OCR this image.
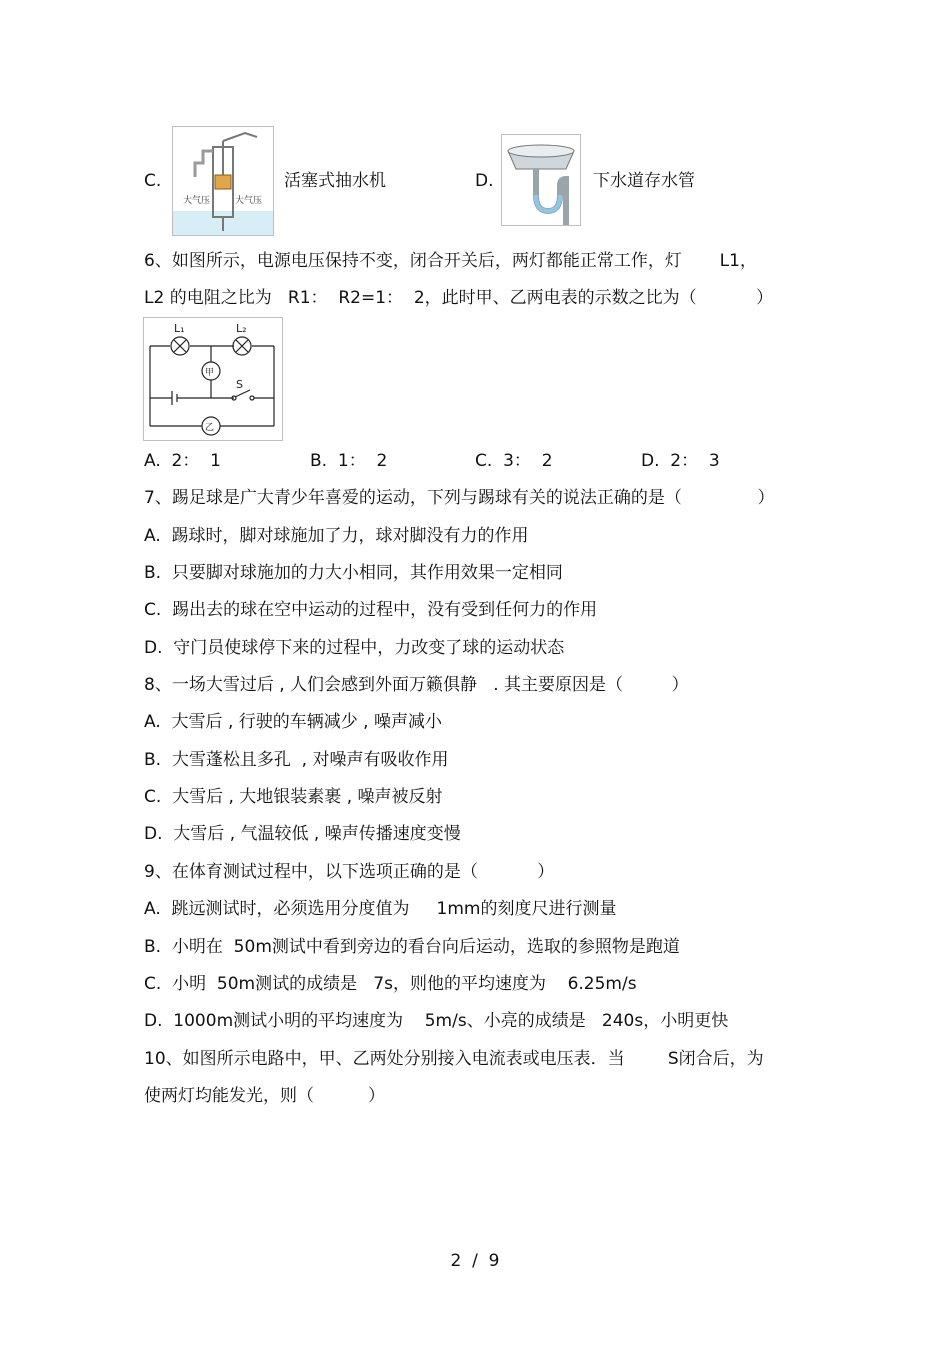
C.
大气压	大气压
活塞式抽水机	D.	下水道存水管
6、如图所示，电源电压保持不变，闭合开关后，两灯都能正常工作，灯       L1，
L2 的电阻之比为   R1：  R2=1：  2，此时甲、乙两电表的示数之比为（           ）
L₁	L₂
甲
乙
S
A.  2：  1	B.  1：  2	C.  3：  2	D.  2：  3
7、踢足球是广大青少年喜爱的运动，下列与踢球有关的说法正确的是（              ）
A.  踢球时，脚对球施加了力，球对脚没有力的作用
B.  只要脚对球施加的力大小相同，其作用效果一定相同
C.  踢出去的球在空中运动的过程中，没有受到任何力的作用
D.  守门员使球停下来的过程中，力改变了球的运动状态
8、一场大雪过后 , 人们会感到外面万籁俱静   . 其主要原因是（         ）
A.  大雪后 , 行驶的车辆减少 , 噪声减小
B.  大雪蓬松且多孔  , 对噪声有吸收作用
C.  大雪后 , 大地银装素裹 , 噪声被反射
D.  大雪后 , 气温较低 , 噪声传播速度变慢
9、在体育测试过程中，以下选项正确的是（           ）
A.  跳远测试时，必须选用分度值为     1mm的刻度尺进行测量
B.  小明在  50m测试中看到旁边的看台向后运动，选取的参照物是跑道
C.  小明  50m测试的成绩是   7s，则他的平均速度为    6.25m/s
D.  1000m测试小明的平均速度为    5m/s、小亮的成绩是   240s，小明更快
10、如图所示电路中，甲、乙两处分别接入电流表或电压表．当        S闭合后，为
使两灯均能发光，则（          ）
2  /  9
